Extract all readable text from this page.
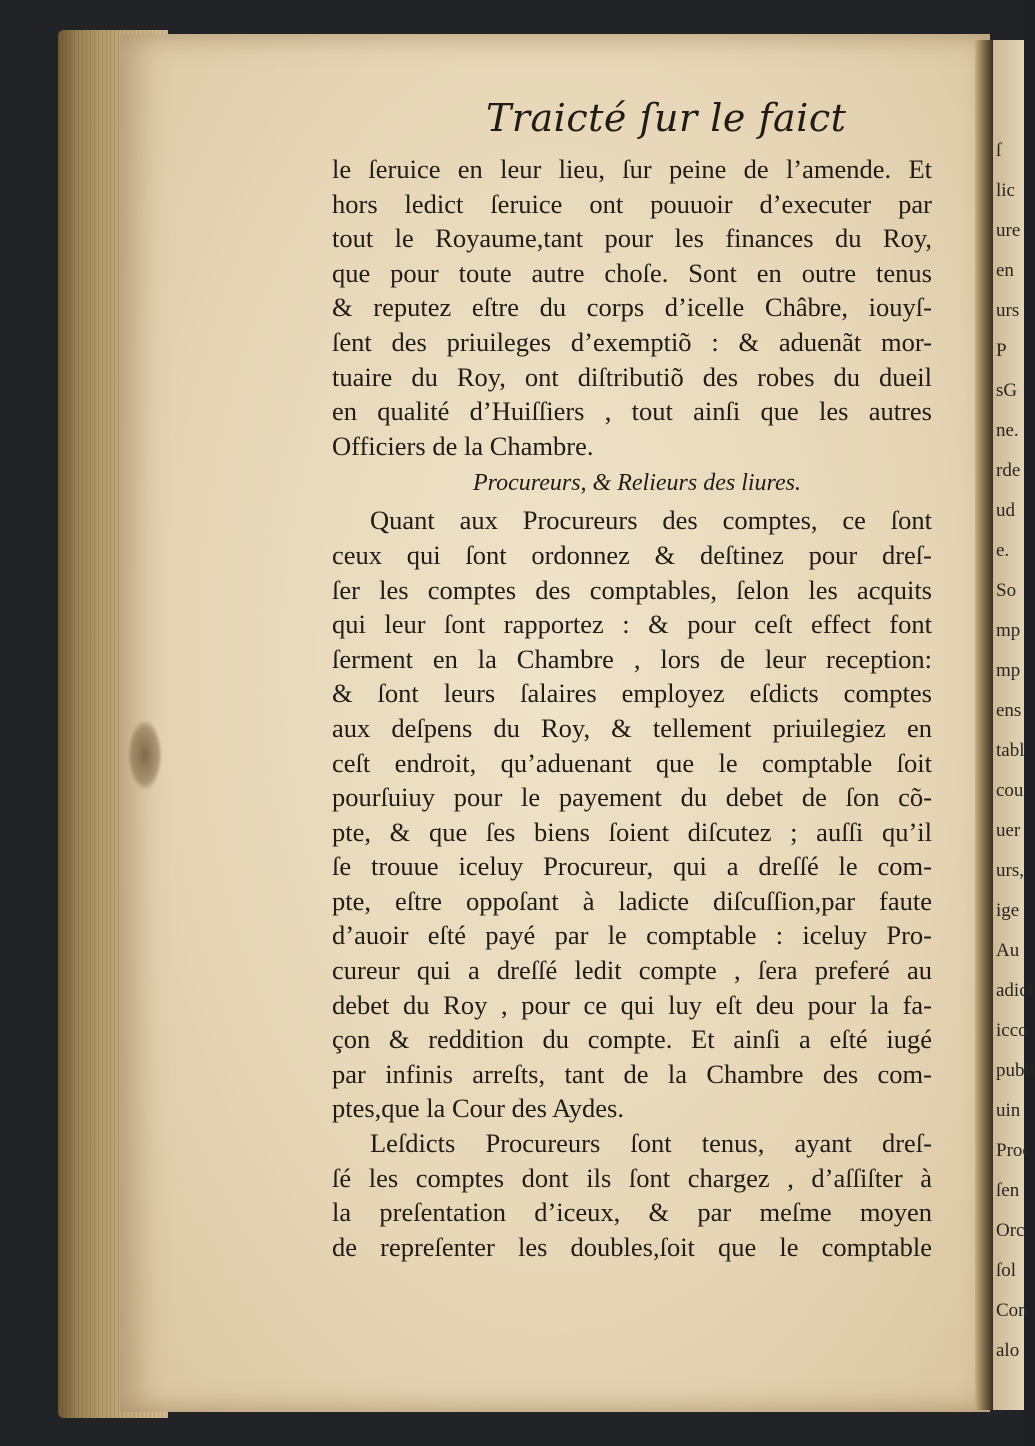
ſ
lic
ure
en
urs
P
sG
ne.
rde
ud
e.
So
mp
mp
ens
tabl
cou
uer
urs,
ige
Au
adict
icco
publi
uin
Proc
ſen
Orc
ſol
Con
alo
Traicté ſur le faict
le ſeruice en leur lieu, ſur peine de l’amende. Et
hors ledict ſeruice ont pouuoir d’executer par
tout le Royaume,tant pour les finances du Roy,
que pour toute autre choſe. Sont en outre tenus
& reputez eſtre du corps d’icelle Châbre, iouyſ-
ſent des priuileges d’exemptiõ : & aduenãt mor-
tuaire du Roy, ont diſtributiõ des robes du dueil
en qualité d’Huiſſiers , tout ainſi que les autres
Officiers de la Chambre.
Procureurs, & Relieurs des liures.
Quant aux Procureurs des comptes, ce ſont
ceux qui ſont ordonnez & deſtinez pour dreſ-
ſer les comptes des comptables, ſelon les acquits
qui leur ſont rapportez : & pour ceſt effect font
ſerment en la Chambre , lors de leur reception:
& ſont leurs ſalaires employez eſdicts comptes
aux deſpens du Roy, & tellement priuilegiez en
ceſt endroit, qu’aduenant que le comptable ſoit
pourſuiuy pour le payement du debet de ſon cõ-
pte, & que ſes biens ſoient diſcutez ; auſſi qu’il
ſe trouue iceluy Procureur, qui a dreſſé le com-
pte, eſtre oppoſant à ladicte diſcuſſion,par faute
d’auoir eſté payé par le comptable : iceluy Pro-
cureur qui a dreſſé ledit compte , ſera preferé au
debet du Roy , pour ce qui luy eſt deu pour la fa-
çon & reddition du compte. Et ainſi a eſté iugé
par infinis arreſts, tant de la Chambre des com-
ptes,que la Cour des Aydes.
Leſdicts Procureurs ſont tenus, ayant dreſ-
ſé les comptes dont ils ſont chargez , d’aſſiſter à
la preſentation d’iceux, & par meſme moyen
de repreſenter les doubles,ſoit que le comptable
